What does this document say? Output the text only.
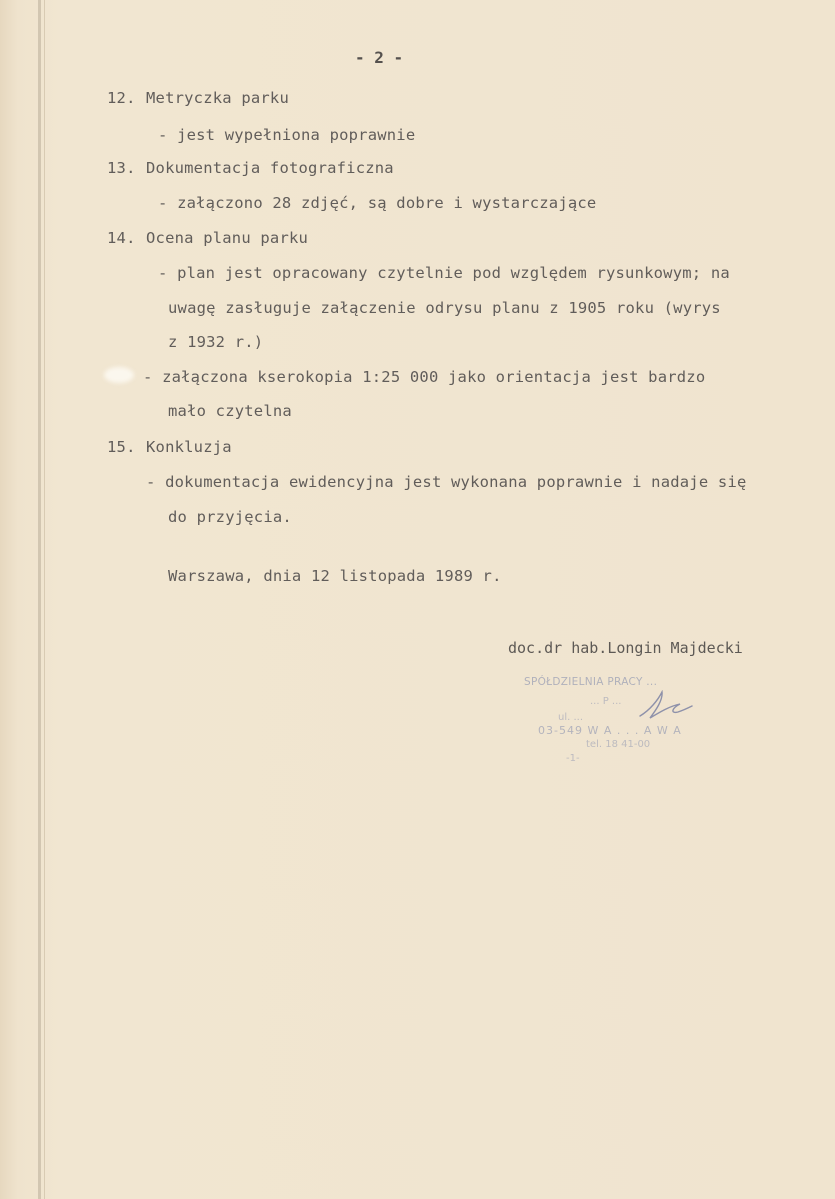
- 2 -
12. Metryczka parku
- jest wypełniona poprawnie
13. Dokumentacja fotograficzna
- załączono 28 zdjęć, są dobre i wystarczające
14. Ocena planu parku
- plan jest opracowany czytelnie pod względem rysunkowym; na
uwagę zasługuje załączenie odrysu planu z 1905 roku (wyrys
z 1932 r.)
- załączona kserokopia 1:25 000 jako orientacja jest bardzo
mało czytelna
15. Konkluzja
- dokumentacja ewidencyjna jest wykonana poprawnie i nadaje się
do przyjęcia.
Warszawa, dnia 12 listopada 1989 r.
doc.dr hab.Longin Majdecki
SPÓŁDZIELNIA PRACY ...
... P ...
ul. ...
03-549 W A . . . A W A
tel. 18 41-00
-1-
